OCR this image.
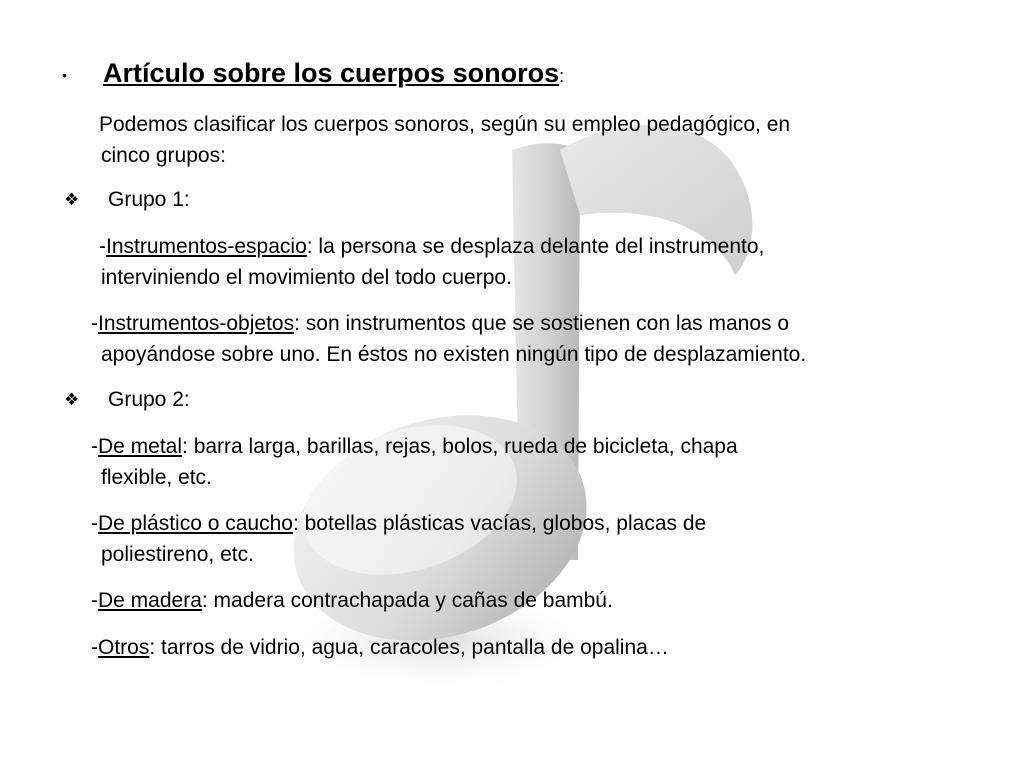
• Artículo sobre los cuerpos sonoros:
Podemos clasificar los cuerpos sonoros, según su empleo pedagógico, en
cinco grupos:
❖ Grupo 1:
-Instrumentos-espacio: la persona se desplaza delante del instrumento,
interviniendo el movimiento del todo cuerpo.
-Instrumentos-objetos: son instrumentos que se sostienen con las manos o
apoyándose sobre uno. En éstos no existen ningún tipo de desplazamiento.
❖ Grupo 2:
-De metal: barra larga, barillas, rejas, bolos, rueda de bicicleta, chapa
flexible, etc.
-De plástico o caucho: botellas plásticas vacías, globos, placas de
poliestireno, etc.
-De madera: madera contrachapada y cañas de bambú.
-Otros: tarros de vidrio, agua, caracoles, pantalla de opalina…
